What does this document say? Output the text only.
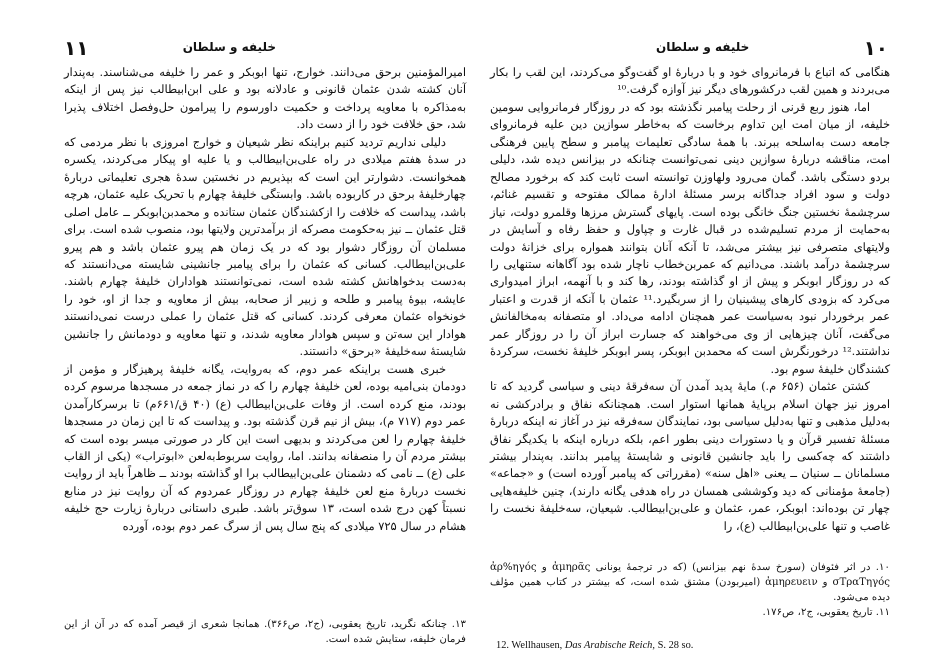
۱۱	خلیفه و سلطان

امیرالمؤمنین برحق می‌دانند. خوارج، تنها ابوبکر و عمر را خلیفه می‌شناسند. به‌پندار آنان کشته شدن عثمان قانونی و عادلانه بود و علی ابن‌ابیطالب نیز پس از اینکه به‌مذاکره با معاویه پرداخت و حکمیت داورسوم را پیرامون حل‌وفصل اختلاف پذیرا شد، حق خلافت خود را از دست داد.

دلیلی نداریم تردید کنیم براینکه نظر شیعیان و خوارج امروزی با نظر مردمی که در سدهٔ هفتم میلادی در راه علی‌بن‌ابیطالب و یا علیه او پیکار می‌کردند، یکسره همخوانست. دشوارتر این است که بپذیریم در نخستین سدهٔ هجری تعلیماتی دربارهٔ چهارخلیفهٔ برحق در کاربوده باشد. وابستگی خلیفهٔ چهارم با تحریک علیه عثمان، هرچه باشد، پیداست که خلافت را ازکشندگان عثمان ستانده و محمدبن‌ابوبکر ــ عامل اصلی قتل عثمان ــ نیز به‌حکومت مصرکه از برآمدترین ولایتها بود، منصوب شده است. برای مسلمان آن روزگار دشوار بود که در یک زمان هم پیرو عثمان باشد و هم پیرو علی‌بن‌ابیطالب. کسانی که عثمان را برای پیامبر جانشینی شایسته می‌دانستند که به‌دست بدخواهانش کشته شده است، نمی‌توانستند هواداران خلیفهٔ چهارم باشند. عایشه، بیوهٔ پیامبر و طلحه و زبیر از صحابه، بیش از معاویه و جدا از او، خود را خونخواه عثمان معرفی کردند. کسانی که قتل عثمان را عملی درست نمی‌دانستند هوادار این سه‌تن و سپس هوادار معاویه شدند، و تنها معاویه و دودمانش را جانشین شایستهٔ سه‌خلیفهٔ «برحق» دانستند.

خبری هست براینکه عمر دوم، که به‌روایت، یگانه خلیفهٔ پرهیزگار و مؤمن از دودمان بنی‌امیه بوده، لعن خلیفهٔ چهارم را که در نماز جمعه در مسجدها مرسوم کرده بودند، منع کرده است. از وفات علی‌بن‌ابیطالب (ع) (۴۰ ق/۶۶۱م) تا برسرکارآمدن عمر دوم (۷۱۷ م)، بیش از نیم قرن گذشته بود. و پیداست که تا این زمان در مسجدها خلیفهٔ چهارم را لعن می‌کردند و بدیهی است این کار در صورتی میسر بوده است که بیشتر مردم آن را منصفانه بدانند. اما، روایت سربوط‌به‌لعن «ابوتراب» (یکی از القاب علی (ع) ــ نامی که دشمنان علی‌بن‌ابیطالب برا او گذاشته بودند ــ ظاهراً باید از روایت نخست دربارهٔ منع لعن خلیفهٔ چهارم در روزگار عمردوم که آن روایت نیز در منابع نسبتاً کهن درج شده است، ۱۳ سوق‌تر باشد. طبری داستانی دربارهٔ زیارت حج خلیفه هشام در سال ۷۲۵ میلادی که پنج سال پس از سرگ عمر دوم بوده، آورده

۱۳. چنانکه نگرید، تاریخ یعقوبی، (ج۲، ص۳۶۶). همانجا شعری از قیصر آمده که در آن از این فرمان خلیفه، ستایش شده است.

۱۰
خلیفه و سلطان

هنگامی که اتباع با فرمانروای خود و با دربارهٔ او گفت‌وگو می‌کردند، این لقب را بکار می‌بردند و همین لقب درکشورهای دیگر نیز آوازه گرفت.¹⁰

اما، هنوز ربع قرنی از رحلت پیامبر نگذشته بود که در روزگار فرمانروایی سومین خلیفه، از میان امت این تداوم برخاست که به‌خاطر سوازین دین علیه فرمانروای جامعه دست به‌اسلحه ببرند. با همهٔ سادگی تعلیمات پیامبر و سطح پایین فرهنگی امت، مناقشه دربارهٔ سوازین دینی نمی‌توانست چنانکه در بیزانس دیده شد، دلیلی بردو دستگی باشد. گمان می‌رود ولهاوزن توانسته است ثابت کند که برخورد مصالح دولت و سود افراد جداگانه برسر مسئلهٔ ادارهٔ ممالک مفتوحه و تقسیم غنائم، سرچشمهٔ نخستین جنگ خانگی بوده است. پایهای گسترش مرزها وقلمرو دولت، نیاز به‌حمایت از مردم تسلیم‌شده در قبال غارت و چپاول و حفظ رفاه و آسایش در ولایتهای متصرفی نیز بیشتر می‌شد، تا آنکه آنان بتوانند همواره برای خزانهٔ دولت سرچشمهٔ درآمد باشند. می‌دانیم که عمربن‌خطاب ناچار شده بود آگاهانه ستنهایی را که در روزگار ابوبکر و پیش از او گذاشته بودند، رها کند و با آنهمه، ابراز امیدواری می‌کرد که بزودی کارهای پیشینیان را از سربگیرد.¹¹ عثمان با آنکه از قدرت و اعتبار عمر برخوردار نبود به‌سیاست عمر همچنان ادامه می‌داد. او متصفانه به‌مخالفانش می‌گفت، آنان چیزهایی از وی می‌خواهند که جسارت ابراز آن را در روزگار عمر نداشتند.¹² درخورنگرش است که محمدبن ابوبکر، پسر ابوبکر خلیفهٔ نخست، سرکردهٔ کشندگان خلیفهٔ سوم بود.

کشتن عثمان (۶۵۶ م.) مایهٔ پدید آمدن آن سه‌فرقهٔ دینی و سیاسی گردید که تا امروز نیز جهان اسلام برپایهٔ همانها استوار است. همچنانکه نفاق و برادرکشی نه به‌دلیل مذهبی و تنها به‌دلیل سیاسی بود، نمایندگان سه‌فرقه نیز در آغاز نه اینکه دربارهٔ مسئلهٔ تفسیر قرآن و یا دستورات دینی بطور اعم، بلکه درباره اینکه با یکدیگر نفاق داشتند که چه‌کسی را باید جانشین قانونی و شایستهٔ پیامبر بدانند. به‌پندار بیشتر مسلمانان ــ سنیان ــ یعنی «اهل سنه» (مقرراتی که پیامبر آورده است) و «جماعه» (جامعهٔ مؤمنانی که دید وکوششی همسان در راه هدفی یگانه دارند)، چنین خلیفه‌هایی چهار تن بوده‌اند: ابوبکر، عمر، عثمان و علی‌بن‌ابیطالب. شیعیان، سه‌خلیفهٔ نخست را غاصب و تنها علی‌بن‌ابیطالب (ع)، را

۱۰. در اثر فئوفان (سورخ سدهٔ نهم بیزانس) (که در ترجمهٔ یونانی ἀμηρᾶς و ἀρ%ηγός σΤραΤηγός و ἀμηρευειν (امیربودن) مشتق شده است، که بیشتر در کتاب همین مؤلف دیده می‌شود.

۱۱. تاریخ یعقوبی، ج۲، ص۱۷۶.

12. Wellhausen, Das Arabische Reich, S. 28 so.
